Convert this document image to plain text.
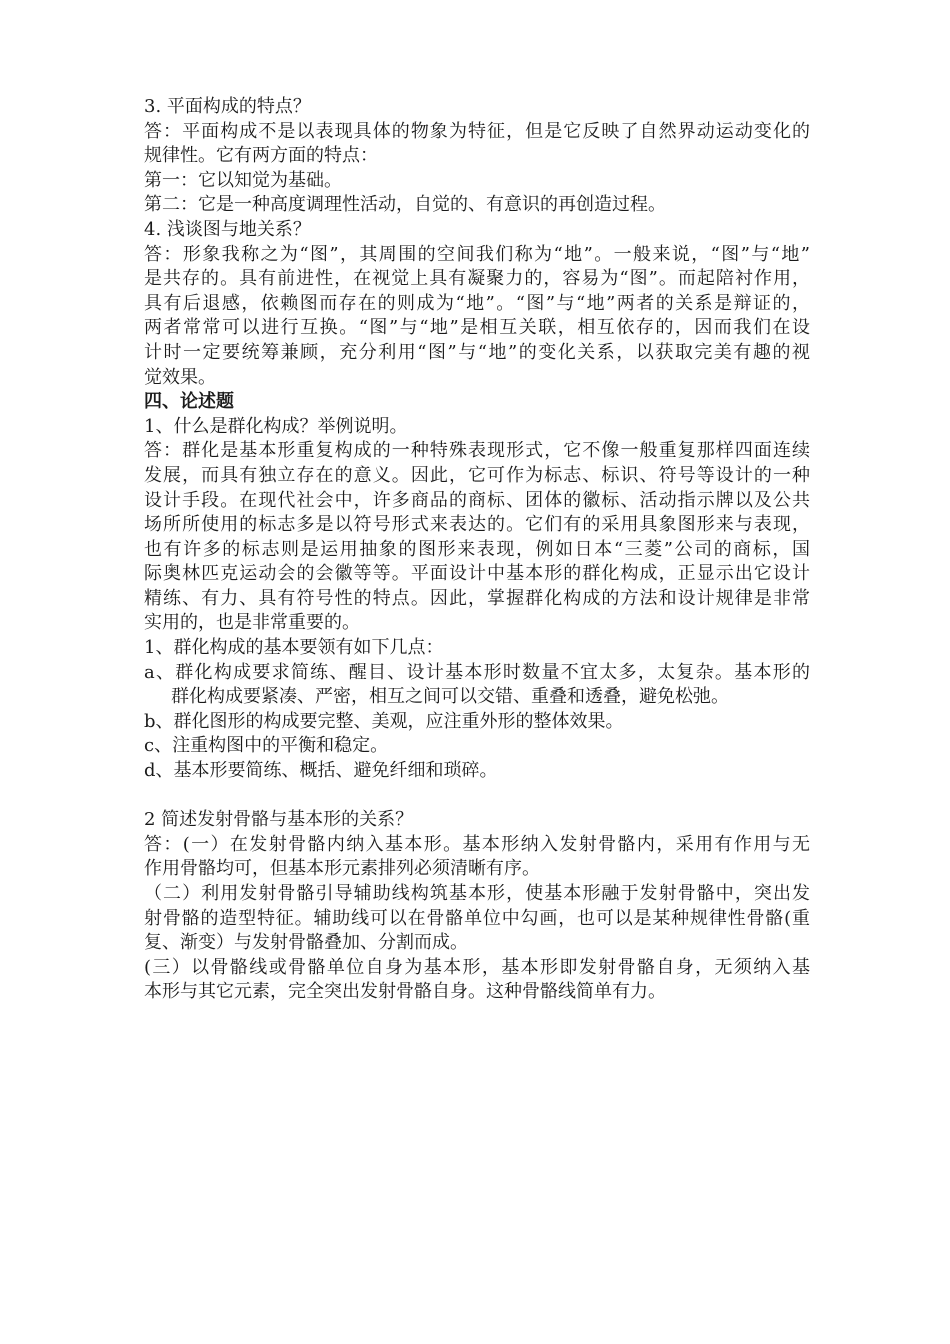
3. 平面构成的特点？
答：平面构成不是以表现具体的物象为特征，但是它反映了自然界动运动变化的
规律性。它有两方面的特点：
第一：它以知觉为基础。
第二：它是一种高度调理性活动，自觉的、有意识的再创造过程。
4. 浅谈图与地关系？
答：形象我称之为“图”，其周围的空间我们称为“地”。一般来说，“图”与“地”
是共存的。具有前进性，在视觉上具有凝聚力的，容易为“图”。而起陪衬作用，
具有后退感，依赖图而存在的则成为“地”。“图”与“地”两者的关系是辩证的，
两者常常可以进行互换。“图”与“地”是相互关联，相互依存的，因而我们在设
计时一定要统筹兼顾，充分利用“图”与“地”的变化关系，以获取完美有趣的视
觉效果。
四、论述题
1、什么是群化构成？举例说明。
答：群化是基本形重复构成的一种特殊表现形式，它不像一般重复那样四面连续
发展，而具有独立存在的意义。因此，它可作为标志、标识、符号等设计的一种
设计手段。在现代社会中，许多商品的商标、团体的徽标、活动指示牌以及公共
场所所使用的标志多是以符号形式来表达的。它们有的采用具象图形来与表现，
也有许多的标志则是运用抽象的图形来表现，例如日本“三菱”公司的商标，国
际奥林匹克运动会的会徽等等。平面设计中基本形的群化构成，正显示出它设计
精练、有力、具有符号性的特点。因此，掌握群化构成的方法和设计规律是非常
实用的，也是非常重要的。
1、群化构成的基本要领有如下几点：
a、群化构成要求简练、醒目、设计基本形时数量不宜太多，太复杂。基本形的
群化构成要紧凑、严密，相互之间可以交错、重叠和透叠，避免松弛。
b、群化图形的构成要完整、美观，应注重外形的整体效果。
c、注重构图中的平衡和稳定。
d、基本形要简练、概括、避免纤细和琐碎。
2 简述发射骨骼与基本形的关系？
答：(一）在发射骨骼内纳入基本形。基本形纳入发射骨骼内，采用有作用与无
作用骨骼均可，但基本形元素排列必须清晰有序。
（二）利用发射骨骼引导辅助线构筑基本形，使基本形融于发射骨骼中，突出发
射骨骼的造型特征。辅助线可以在骨骼单位中勾画，也可以是某种规律性骨骼(重
复、渐变）与发射骨骼叠加、分割而成。
(三）以骨骼线或骨骼单位自身为基本形，基本形即发射骨骼自身，无须纳入基
本形与其它元素，完全突出发射骨骼自身。这种骨骼线简单有力。
